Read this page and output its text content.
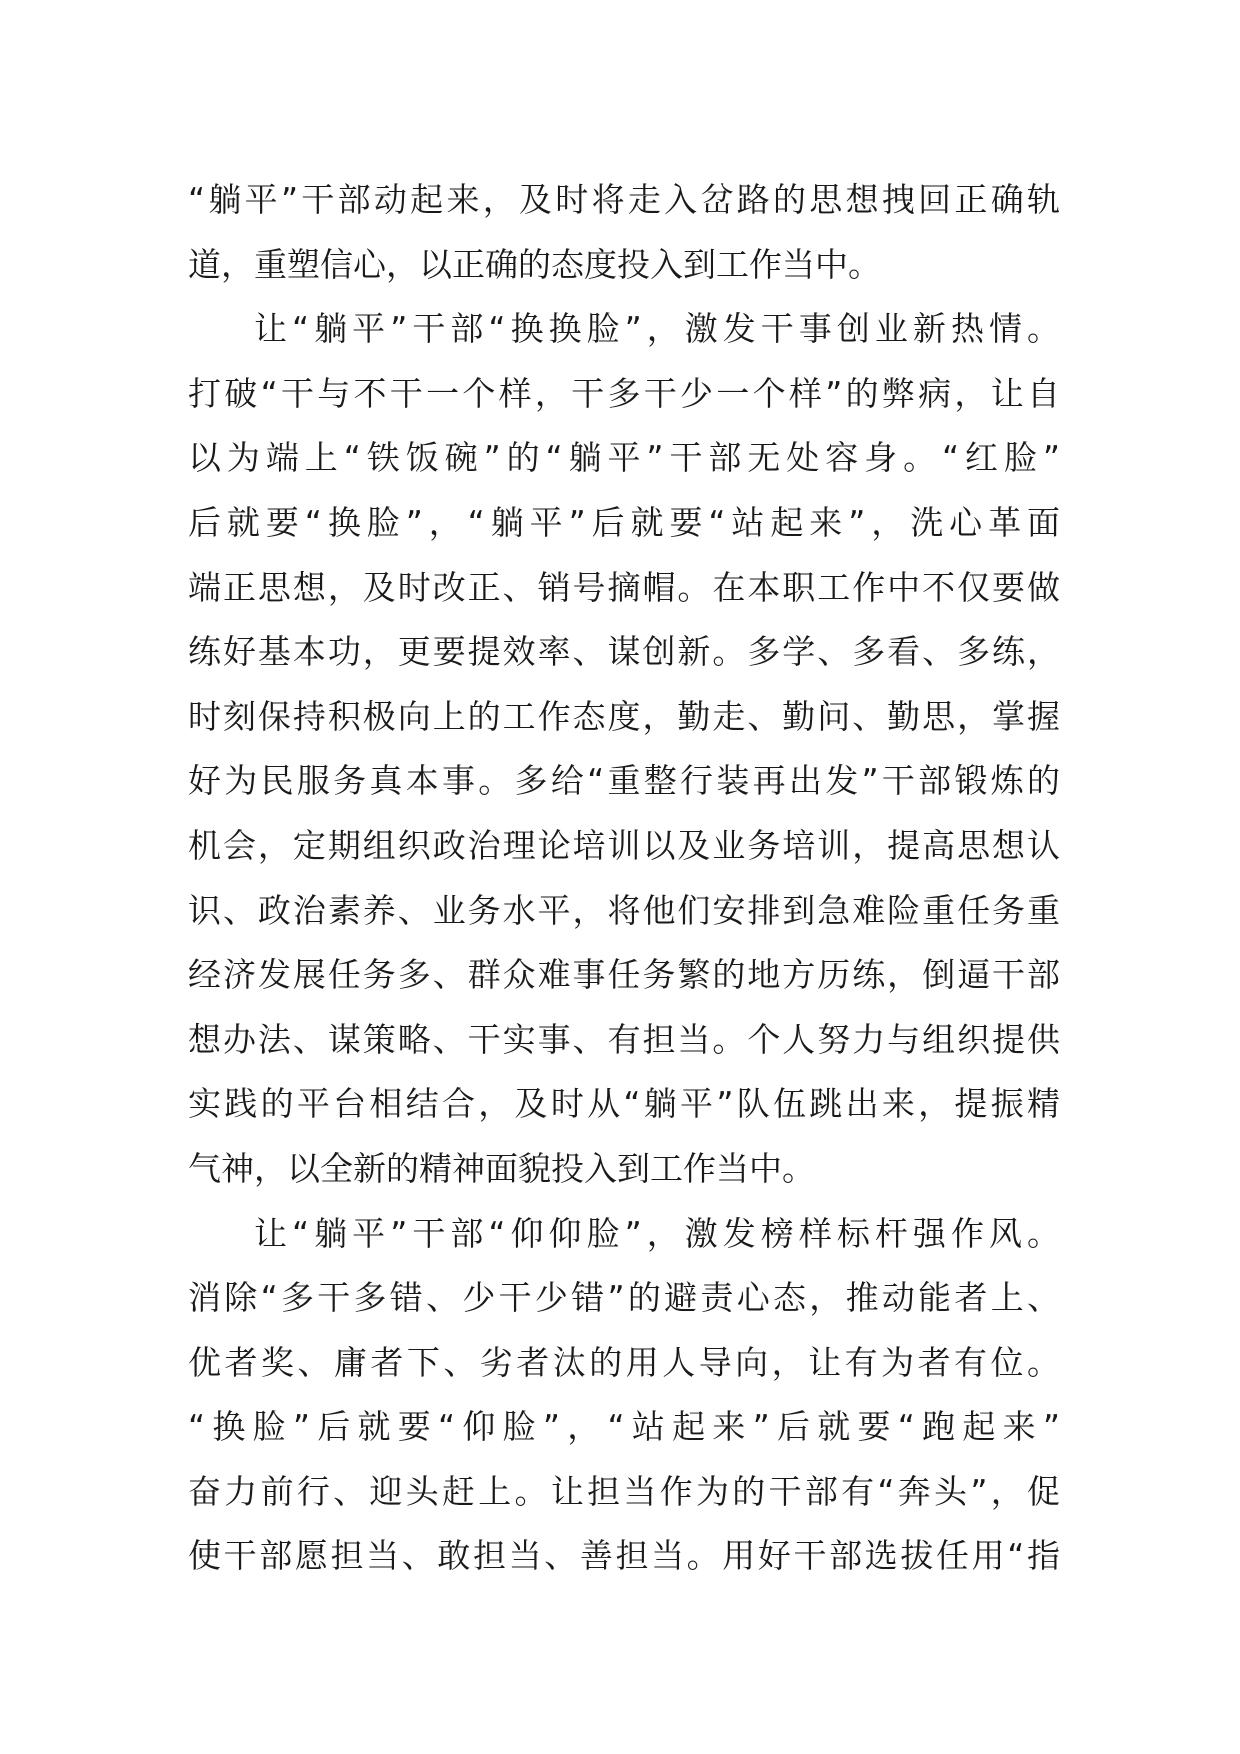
“躺平”干部动起来，及时将走入岔路的思想拽回正确轨
道，重塑信心，以正确的态度投入到工作当中。
让“躺平”干部“换换脸”，激发干事创业新热情。
打破“干与不干一个样，干多干少一个样”的弊病，让自
以为端上“铁饭碗”的“躺平”干部无处容身。“红脸”
后就要“换脸”，“躺平”后就要“站起来”，洗心革面
端正思想，及时改正、销号摘帽。在本职工作中不仅要做
练好基本功，更要提效率、谋创新。多学、多看、多练，
时刻保持积极向上的工作态度，勤走、勤问、勤思，掌握
好为民服务真本事。多给“重整行装再出发”干部锻炼的
机会，定期组织政治理论培训以及业务培训，提高思想认
识、政治素养、业务水平，将他们安排到急难险重任务重
经济发展任务多、群众难事任务繁的地方历练，倒逼干部
想办法、谋策略、干实事、有担当。个人努力与组织提供
实践的平台相结合，及时从“躺平”队伍跳出来，提振精
气神，以全新的精神面貌投入到工作当中。
让“躺平”干部“仰仰脸”，激发榜样标杆强作风。
消除“多干多错、少干少错”的避责心态，推动能者上、
优者奖、庸者下、劣者汰的用人导向，让有为者有位。
“换脸”后就要“仰脸”，“站起来”后就要“跑起来”
奋力前行、迎头赶上。让担当作为的干部有“奔头”，促
使干部愿担当、敢担当、善担当。用好干部选拔任用“指
